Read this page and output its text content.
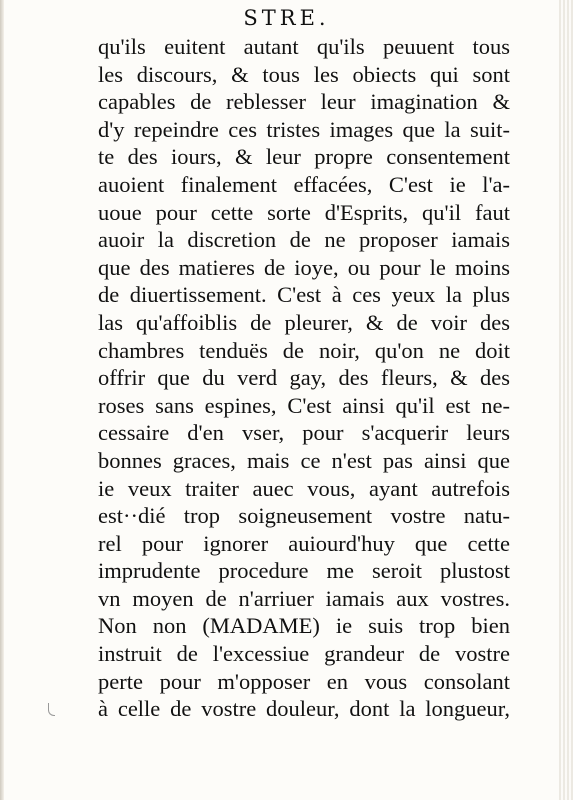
STRE.
qu'ils euitent autant qu'ils peuuent tous
les discours, & tous les obiects qui sont
capables de reblesser leur imagination &
d'y repeindre ces tristes images que la suit-
te des iours, & leur propre consentement
auoient finalement effacées, C'est ie l'a-
uoue pour cette sorte d'Esprits, qu'il faut
auoir la discretion de ne proposer iamais
que des matieres de ioye, ou pour le moins
de diuertissement. C'est à ces yeux la plus
las qu'affoiblis de pleurer, & de voir des
chambres tenduës de noir, qu'on ne doit
offrir que du verd gay, des fleurs, & des
roses sans espines, C'est ainsi qu'il est ne-
cessaire d'en vser, pour s'acquerir leurs
bonnes graces, mais ce n'est pas ainsi que
ie veux traiter auec vous, ayant autrefois
est··dié trop soigneusement vostre natu-
rel pour ignorer auiourd'huy que cette
imprudente procedure me seroit plustost
vn moyen de n'arriuer iamais aux vostres.
Non non (MADAME) ie suis trop bien
instruit de l'excessiue grandeur de vostre
perte pour m'opposer en vous consolant
à celle de vostre douleur, dont la longueur,
